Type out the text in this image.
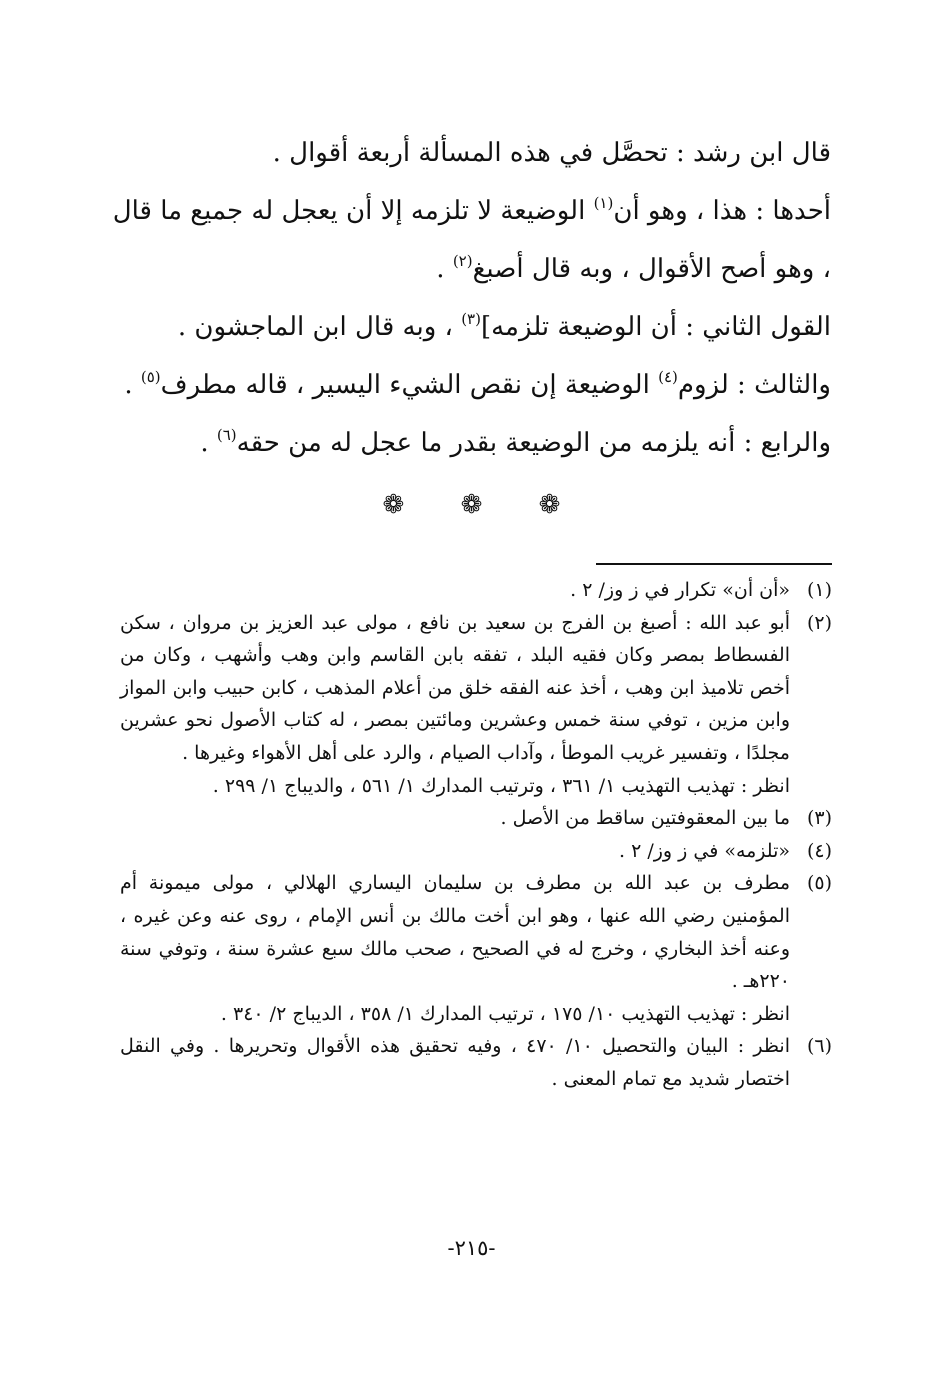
قال ابن رشد : تحصَّل في هذه المسألة أربعة أقوال .

أحدها : هذا ، وهو أن$^{(١)}$ الوضيعة لا تلزمه إلا أن يعجل له جميع ما قال ، وهو أصح الأقوال ، وبه قال أصبغ$^{(٢)}$ .

القول الثاني : أن الوضيعة تلزمه]$^{(٣)}$ ، وبه قال ابن الماجشون .

والثالث : لزوم$^{(٤)}$ الوضيعة إن نقص الشيء اليسير ، قاله مطرف$^{(٥)}$ .

والرابع : أنه يلزمه من الوضيعة بقدر ما عجل له من حقه$^{(٦)}$ .

❁ ❁ ❁
(١)
«أن أن» تكرار في ز وز/ ٢ .
(٢)
أبو عبد الله : أصبغ بن الفرج بن سعيد بن نافع ، مولى عبد العزيز بن مروان ، سكن الفسطاط بمصر وكان فقيه البلد ، تفقه بابن القاسم وابن وهب وأشهب ، وكان من أخص تلاميذ ابن وهب ، أخذ عنه الفقه خلق من أعلام المذهب ، كابن حبيب وابن المواز وابن مزين ، توفي سنة خمس وعشرين ومائتين بمصر ، له كتاب الأصول نحو عشرين مجلدًا ، وتفسير غريب الموطأ ، وآداب الصيام ، والرد على أهل الأهواء وغيرها .
انظر : تهذيب التهذيب ١/ ٣٦١ ، وترتيب المدارك ١/ ٥٦١ ، والديباج ١/ ٢٩٩ .
(٣)
ما بين المعقوفتين ساقط من الأصل .
(٤)
«تلزمه» في ز وز/ ٢ .
(٥)
مطرف بن عبد الله بن مطرف بن سليمان اليساري الهلالي ، مولى ميمونة أم المؤمنين رضي الله عنها ، وهو ابن أخت مالك بن أنس الإمام ، روى عنه وعن غيره ، وعنه أخذ البخاري ، وخرج له في الصحيح ، صحب مالك سبع عشرة سنة ، وتوفي سنة ٢٢٠هـ .
انظر : تهذيب التهذيب ١٠/ ١٧٥ ، ترتيب المدارك ١/ ٣٥٨ ، الديباج ٢/ ٣٤٠ .
(٦)
انظر : البيان والتحصيل ١٠/ ٤٧٠ ، وفيه تحقيق هذه الأقوال وتحريرها . وفي النقل اختصار شديد مع تمام المعنى .
-٢١٥-
